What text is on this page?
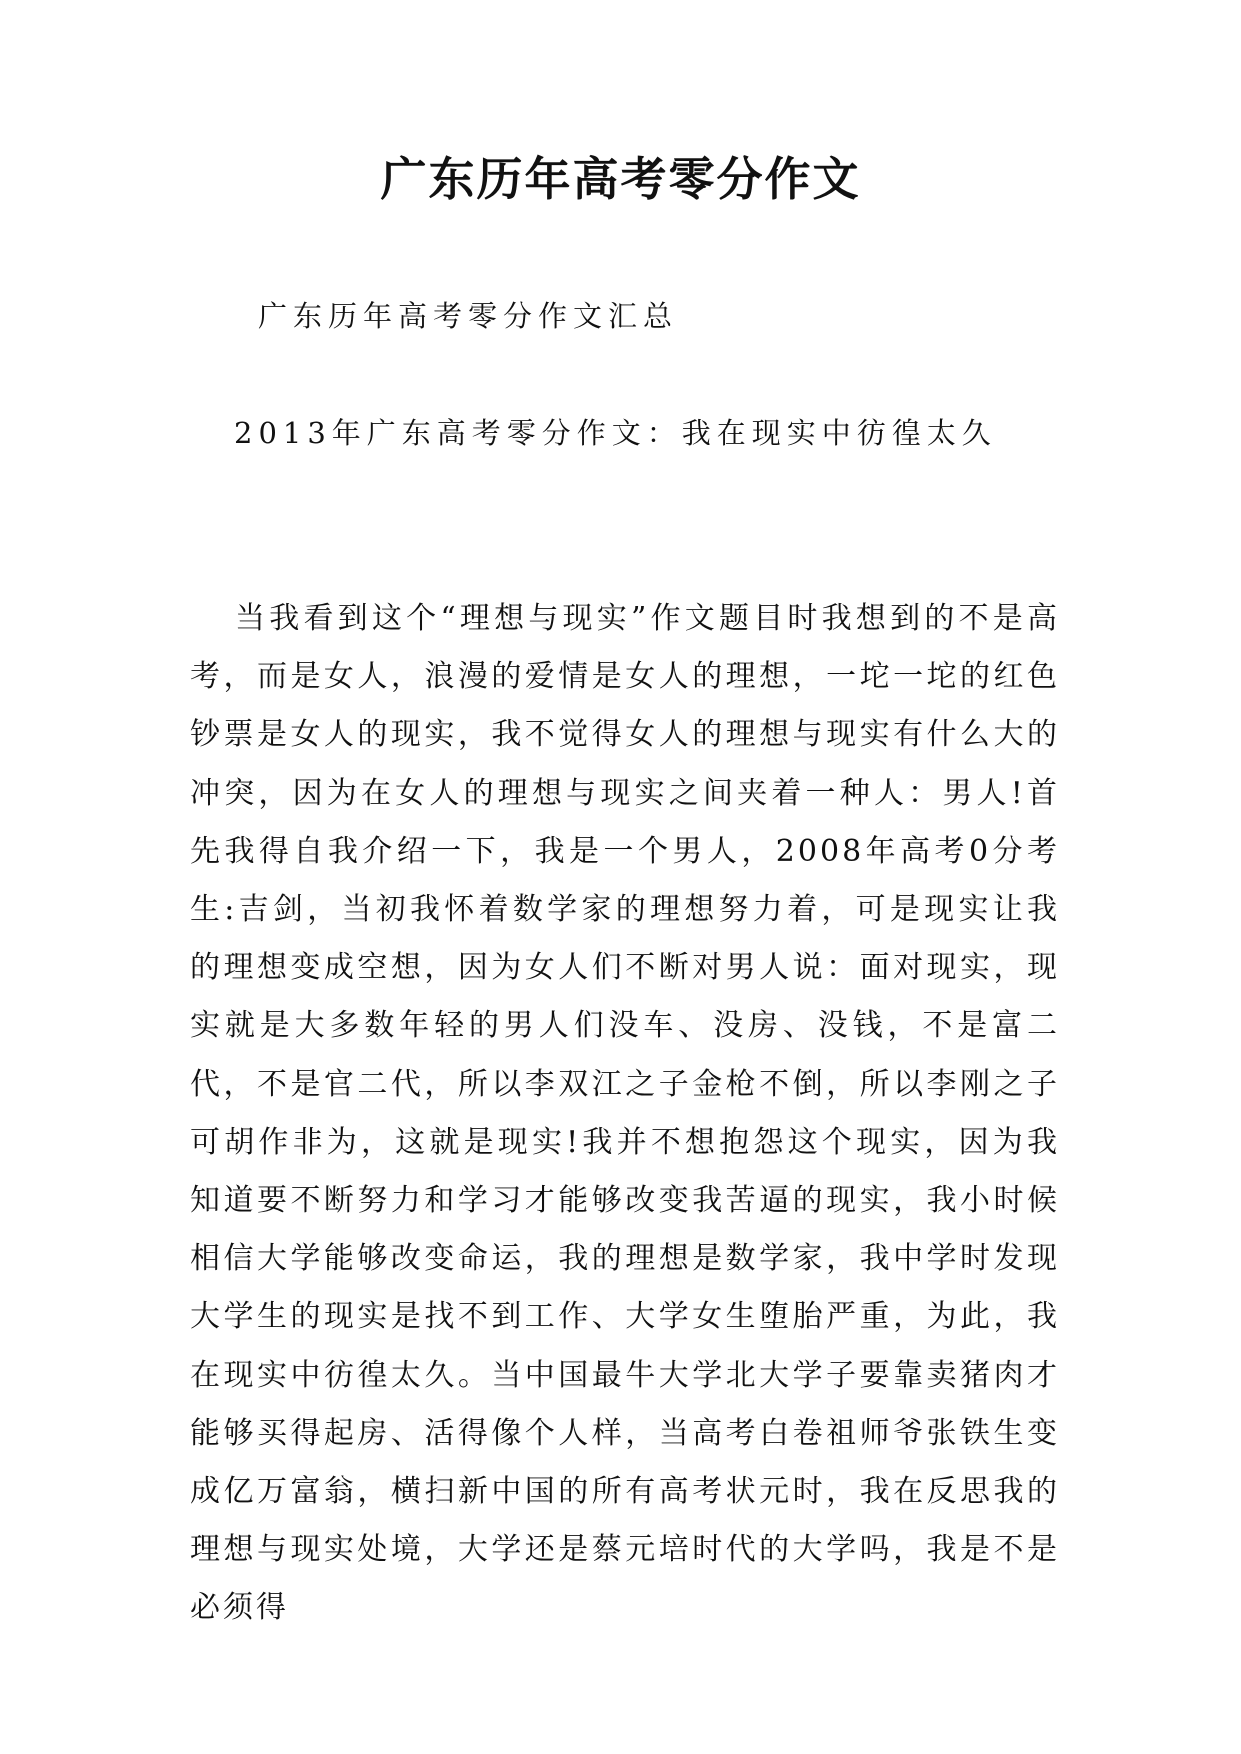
广东历年高考零分作文
广东历年高考零分作文汇总
2013年广东高考零分作文：我在现实中彷徨太久

当我看到这个“理想与现实”作文题目时我想到的不是高考，而是女人，浪漫的爱情是女人的理想，一坨一坨的红色钞票是女人的现实，我不觉得女人的理想与现实有什么大的冲突，因为在女人的理想与现实之间夹着一种人：男人!首先我得自我介绍一下，我是一个男人，2008年高考0分考生:吉剑，当初我怀着数学家的理想努力着，可是现实让我的理想变成空想，因为女人们不断对男人说：面对现实，现实就是大多数年轻的男人们没车、没房、没钱，不是富二代，不是官二代，所以李双江之子金枪不倒，所以李刚之子可胡作非为，这就是现实!我并不想抱怨这个现实，因为我知道要不断努力和学习才能够改变我苦逼的现实，我小时候相信大学能够改变命运，我的理想是数学家，我中学时发现大学生的现实是找不到工作、大学女生堕胎严重，为此，我在现实中彷徨太久。当中国最牛大学北大学子要靠卖猪肉才能够买得起房、活得像个人样，当高考白卷祖师爷张铁生变成亿万富翁，横扫新中国的所有高考状元时，我在反思我的理想与现实处境，大学还是蔡元培时代的大学吗，我是不是必须得
